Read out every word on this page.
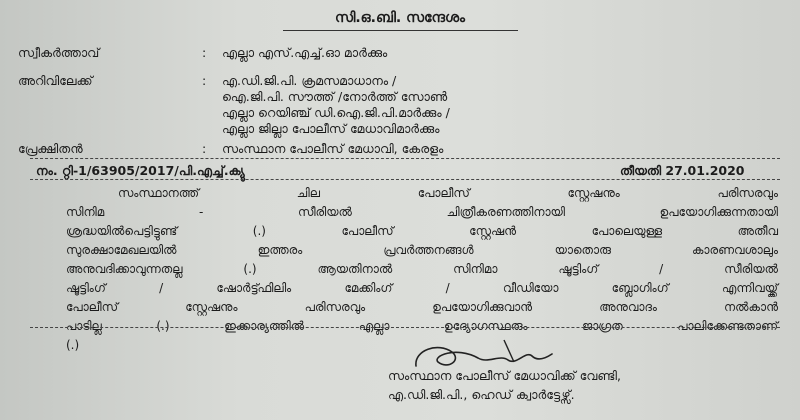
സി.ഒ.ബി. സന്ദേശം
സ്വീകർത്താവ്	: എല്ലാ എസ്.എച്ച്.ഓ മാർക്കും
അറിവിലേക്ക്	: എ.ഡി.ജി.പി. ക്രമസമാധാനം /
ഐ.ജി.പി. സൗത്ത് /നോർത്ത് സോൺ
എല്ലാ റെയിഞ്ച് ഡി.ഐ.ജി.പി.മാർക്കും /
എല്ലാ ജില്ലാ പോലീസ് മേധാവിമാർക്കും
പ്രേക്ഷിതൻ	: സംസ്ഥാന പോലീസ് മേധാവി, കേരളം
നം. റ്റി-1/63905/2017/പി.എച്ച്.ക്യു	തീയതി 27.01.2020
സംസ്ഥാനത്ത് ചില പോലീസ് സ്റ്റേഷനും പരിസരവും
സിനിമ - സീരിയൽ ചിത്രീകരണത്തിനായി ഉപയോഗിക്കുന്നതായി
ശ്രദ്ധയിൽപെട്ടിട്ടുണ്ട് (.) പോലീസ് സ്റ്റേഷൻ പോലെയുള്ള അതീവ
സുരക്ഷാമേഖലയിൽ ഇത്തരം പ്രവർത്തനങ്ങൾ യാതൊരു കാരണവശാലും
അനുവദിക്കാവുന്നതല്ല (.) ആയതിനാൽ സിനിമാ ഷൂട്ടിംഗ് / സീരിയൽ
ഷൂട്ടിംഗ് / ഷോർട്ട്ഫിലിം മേക്കിംഗ് / വീഡിയോ ബ്ലോഗിംഗ് എന്നിവയ്ക്ക്
പോലീസ് സ്റ്റേഷനും പരിസരവും ഉപയോഗിക്കുവാൻ അനുവാദം നൽകാൻ
പാടില്ല (.) ഇക്കാര്യത്തിൽ എല്ലാ ഉദ്യോഗസ്ഥരും ജാഗ്രത പാലിക്കേണ്ടതാണ്
(.)
സംസ്ഥാന പോലീസ് മേധാവിക്ക് വേണ്ടി,
എ.ഡി.ജി.പി., ഹെഡ് ക്വാർട്ടേഴ്സ്.
